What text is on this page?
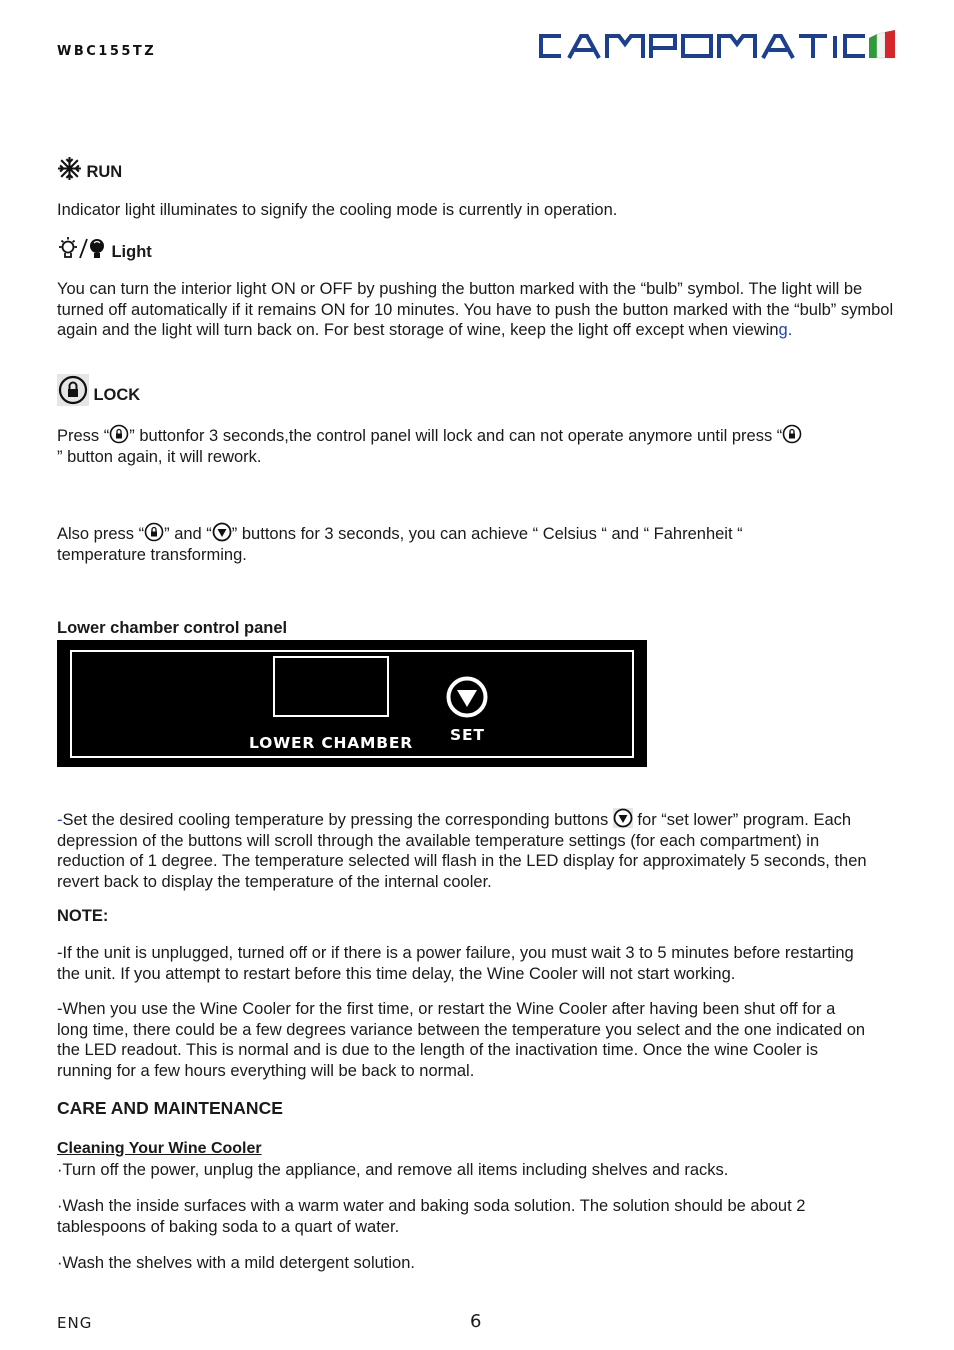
WBC155TZ
RUN
Indicator light illuminates to signify the cooling mode is currently in operation.
Light
You can turn the interior light ON or OFF by pushing the button marked with the “bulb” symbol. The light will be turned off automatically if it remains ON for 10 minutes. You have to push the button marked with the “bulb” symbol again and the light will turn back on. For best storage of wine, keep the light off except when viewing.
LOCK
Press “ ” buttonfor 3 seconds,the control panel will lock and can not operate anymore until press “
” button again, it will rework.
Also press “ ” and “ ” buttons for 3 seconds, you can achieve “ Celsius “ and “ Fahrenheit “ temperature transforming.
Lower chamber control panel
LOWER CHAMBER SET
-Set the desired cooling temperature by pressing the corresponding buttons  for “set lower” program. Each depression of the buttons will scroll through the available temperature settings (for each compartment) in reduction of 1 degree. The temperature selected will flash in the LED display for approximately 5 seconds, then revert back to display the temperature of the internal cooler.
NOTE:
-If the unit is unplugged, turned off or if there is a power failure, you must wait 3 to 5 minutes before restarting the unit. If you attempt to restart before this time delay, the Wine Cooler will not start working.
-When you use the Wine Cooler for the first time, or restart the Wine Cooler after having been shut off for a long time, there could be a few degrees variance between the temperature you select and the one indicated on the LED readout. This is normal and is due to the length of the inactivation time. Once the wine Cooler is running for a few hours everything will be back to normal.
CARE AND MAINTENANCE
Cleaning Your Wine Cooler
·Turn off the power, unplug the appliance, and remove all items including shelves and racks.
·Wash the inside surfaces with a warm water and baking soda solution. The solution should be about 2 tablespoons of baking soda to a quart of water.
·Wash the shelves with a mild detergent solution.
ENG	6
